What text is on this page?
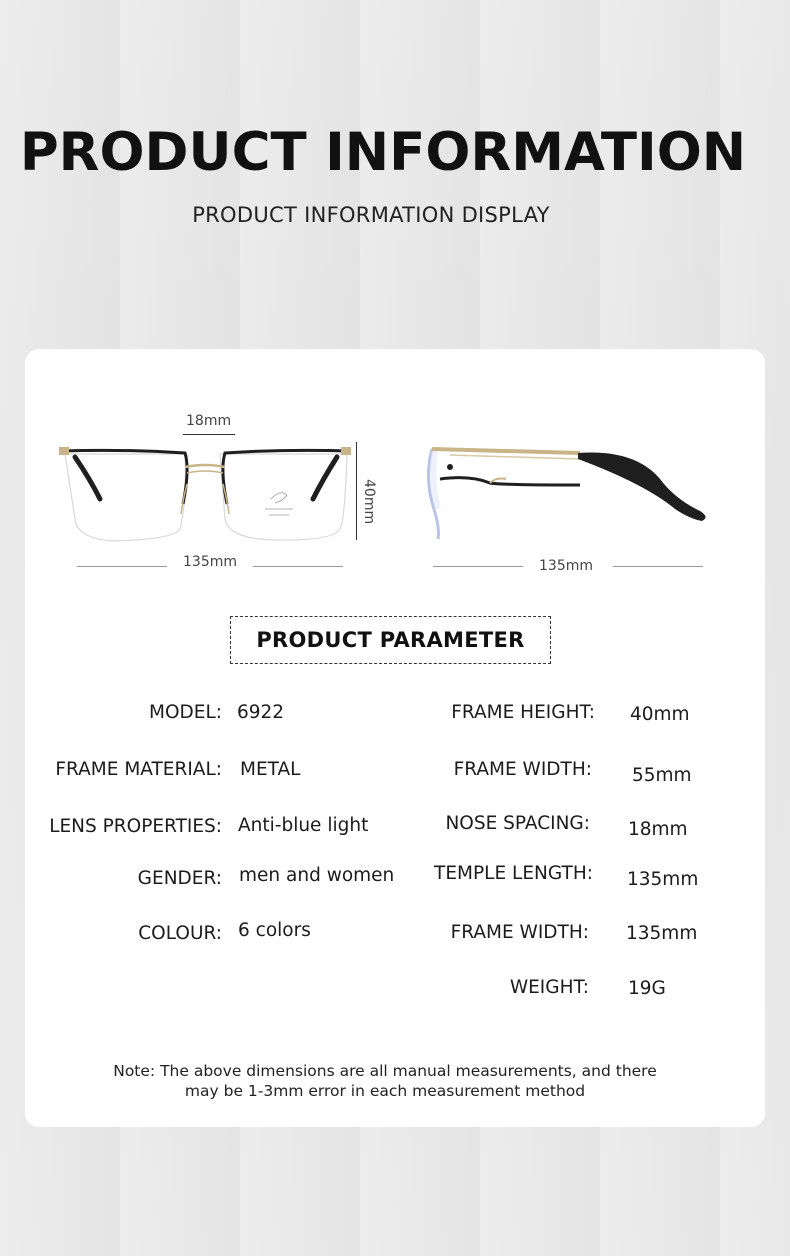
PRODUCT INFORMATION
PRODUCT INFORMATION DISPLAY
18mm
40mm
135mm	135mm
PRODUCT PARAMETER
MODEL: 6922
FRAME MATERIAL: METAL
LENS PROPERTIES: Anti-blue light
GENDER: men and women
COLOUR: 6 colors
FRAME HEIGHT: 40mm
FRAME WIDTH: 55mm
NOSE SPACING: 18mm
TEMPLE LENGTH: 135mm
FRAME WIDTH: 135mm
WEIGHT: 19G
Note: The above dimensions are all manual measurements, and there
may be 1-3mm error in each measurement method
